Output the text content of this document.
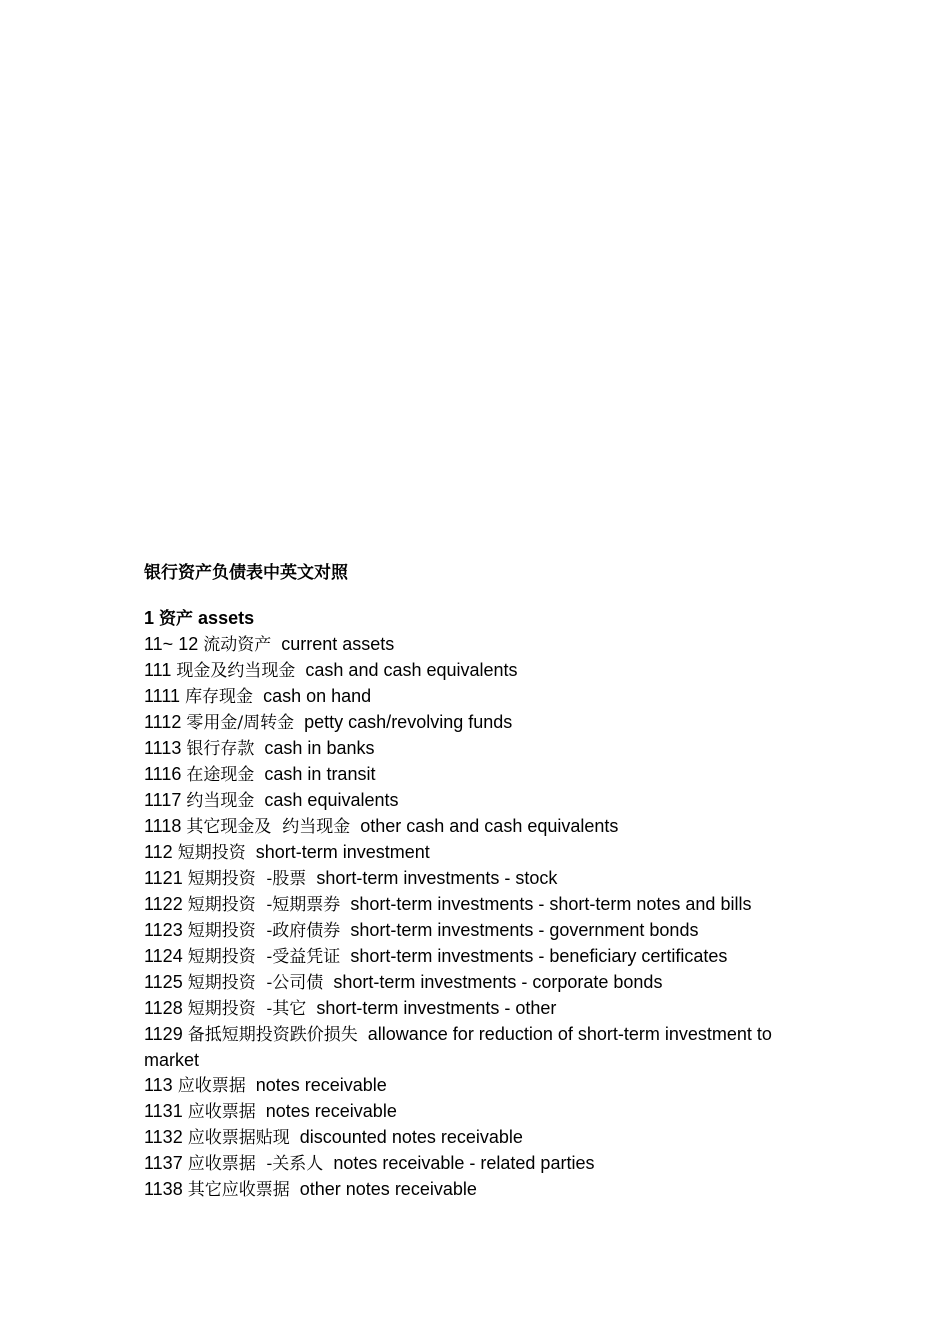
银行资产负债表中英文对照
1 资产 assets
11~ 12 流动资产 current assets
111 现金及约当现金 cash and cash equivalents
1111 库存现金 cash on hand
1112 零用金/周转金 petty cash/revolving funds
1113 银行存款 cash in banks
1116 在途现金 cash in transit
1117 约当现金 cash equivalents
1118 其它现金及  约当现金 other cash and cash equivalents
112 短期投资 short-term investment
1121 短期投资  -股票 short-term investments - stock
1122 短期投资  -短期票券 short-term investments - short-term notes and bills
1123 短期投资  -政府债券 short-term investments - government bonds
1124 短期投资  -受益凭证 short-term investments - beneficiary certificates
1125 短期投资  -公司债 short-term investments - corporate bonds
1128 短期投资  -其它 short-term investments - other
1129 备抵短期投资跌价损失 allowance for reduction of short-term investment to market
113 应收票据 notes receivable
1131 应收票据 notes receivable
1132 应收票据贴现 discounted notes receivable
1137 应收票据  -关系人 notes receivable - related parties
1138 其它应收票据 other notes receivable
